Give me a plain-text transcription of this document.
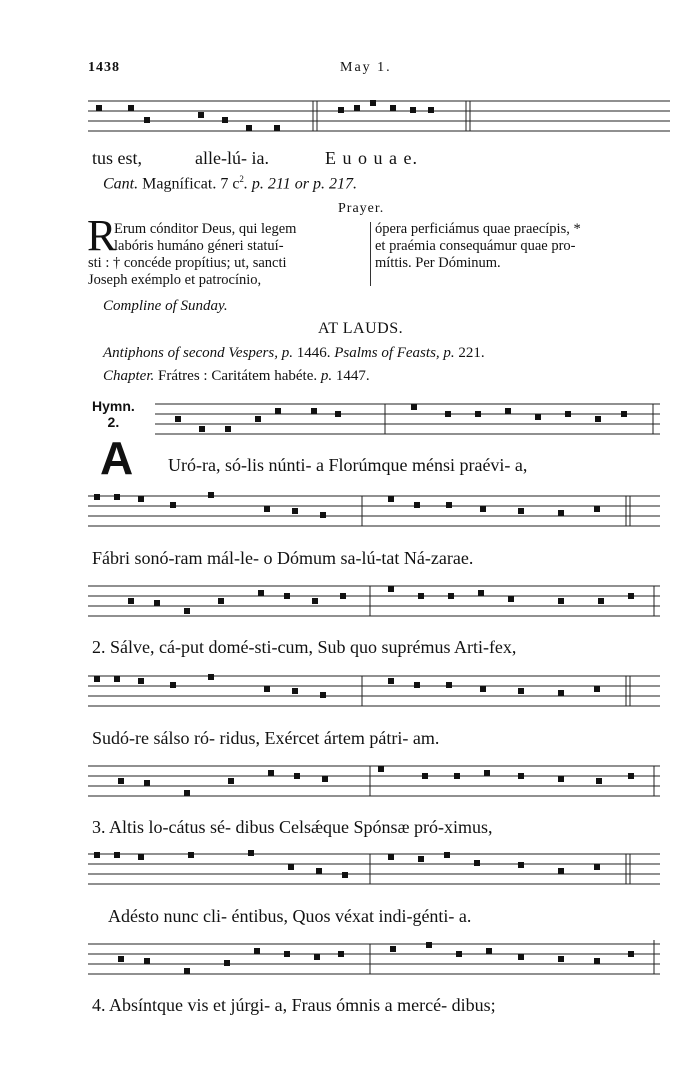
1438	May 1.
tus est,	alle-lú- ia.	E u o u a e.
Cant. Magníficat. 7 $c^2$. p. 211 or p. 217.
Prayer.
R
Erum cónditor Deus, qui legem
labóris humáno géneri statuí-
sti : † concéde propítius; ut, sancti
Joseph exémplo et patrocínio,
ópera perficiámus quae praecípis, *
et praémia consequámur quae pro-
míttis. Per Dóminum.
Compline of Sunday.
AT LAUDS.
Antiphons of second Vespers, p. 1446. Psalms of Feasts, p. 221.
Chapter. Frátres : Caritátem habéte. p. 1447.
Hymn.
2.
A Uró-ra, só-lis núnti- a Florúmque ménsi praévi- a,
Fábri sonó-ram mál-le- o Dómum sa-lú-tat Ná-zarae.
2. Sálve, cá-put domé-sti-cum, Sub quo suprémus Arti-fex,
Sudó-re sálso ró- ridus, Exércet ártem pátri- am.
3. Altis lo-cátus sé- dibus Celsǽque Spónsæ pró-ximus,
Adésto nunc cli- éntibus, Quos véxat indi-génti- a.
4. Absíntque vis et júrgi- a, Fraus ómnis a mercé- dibus;
